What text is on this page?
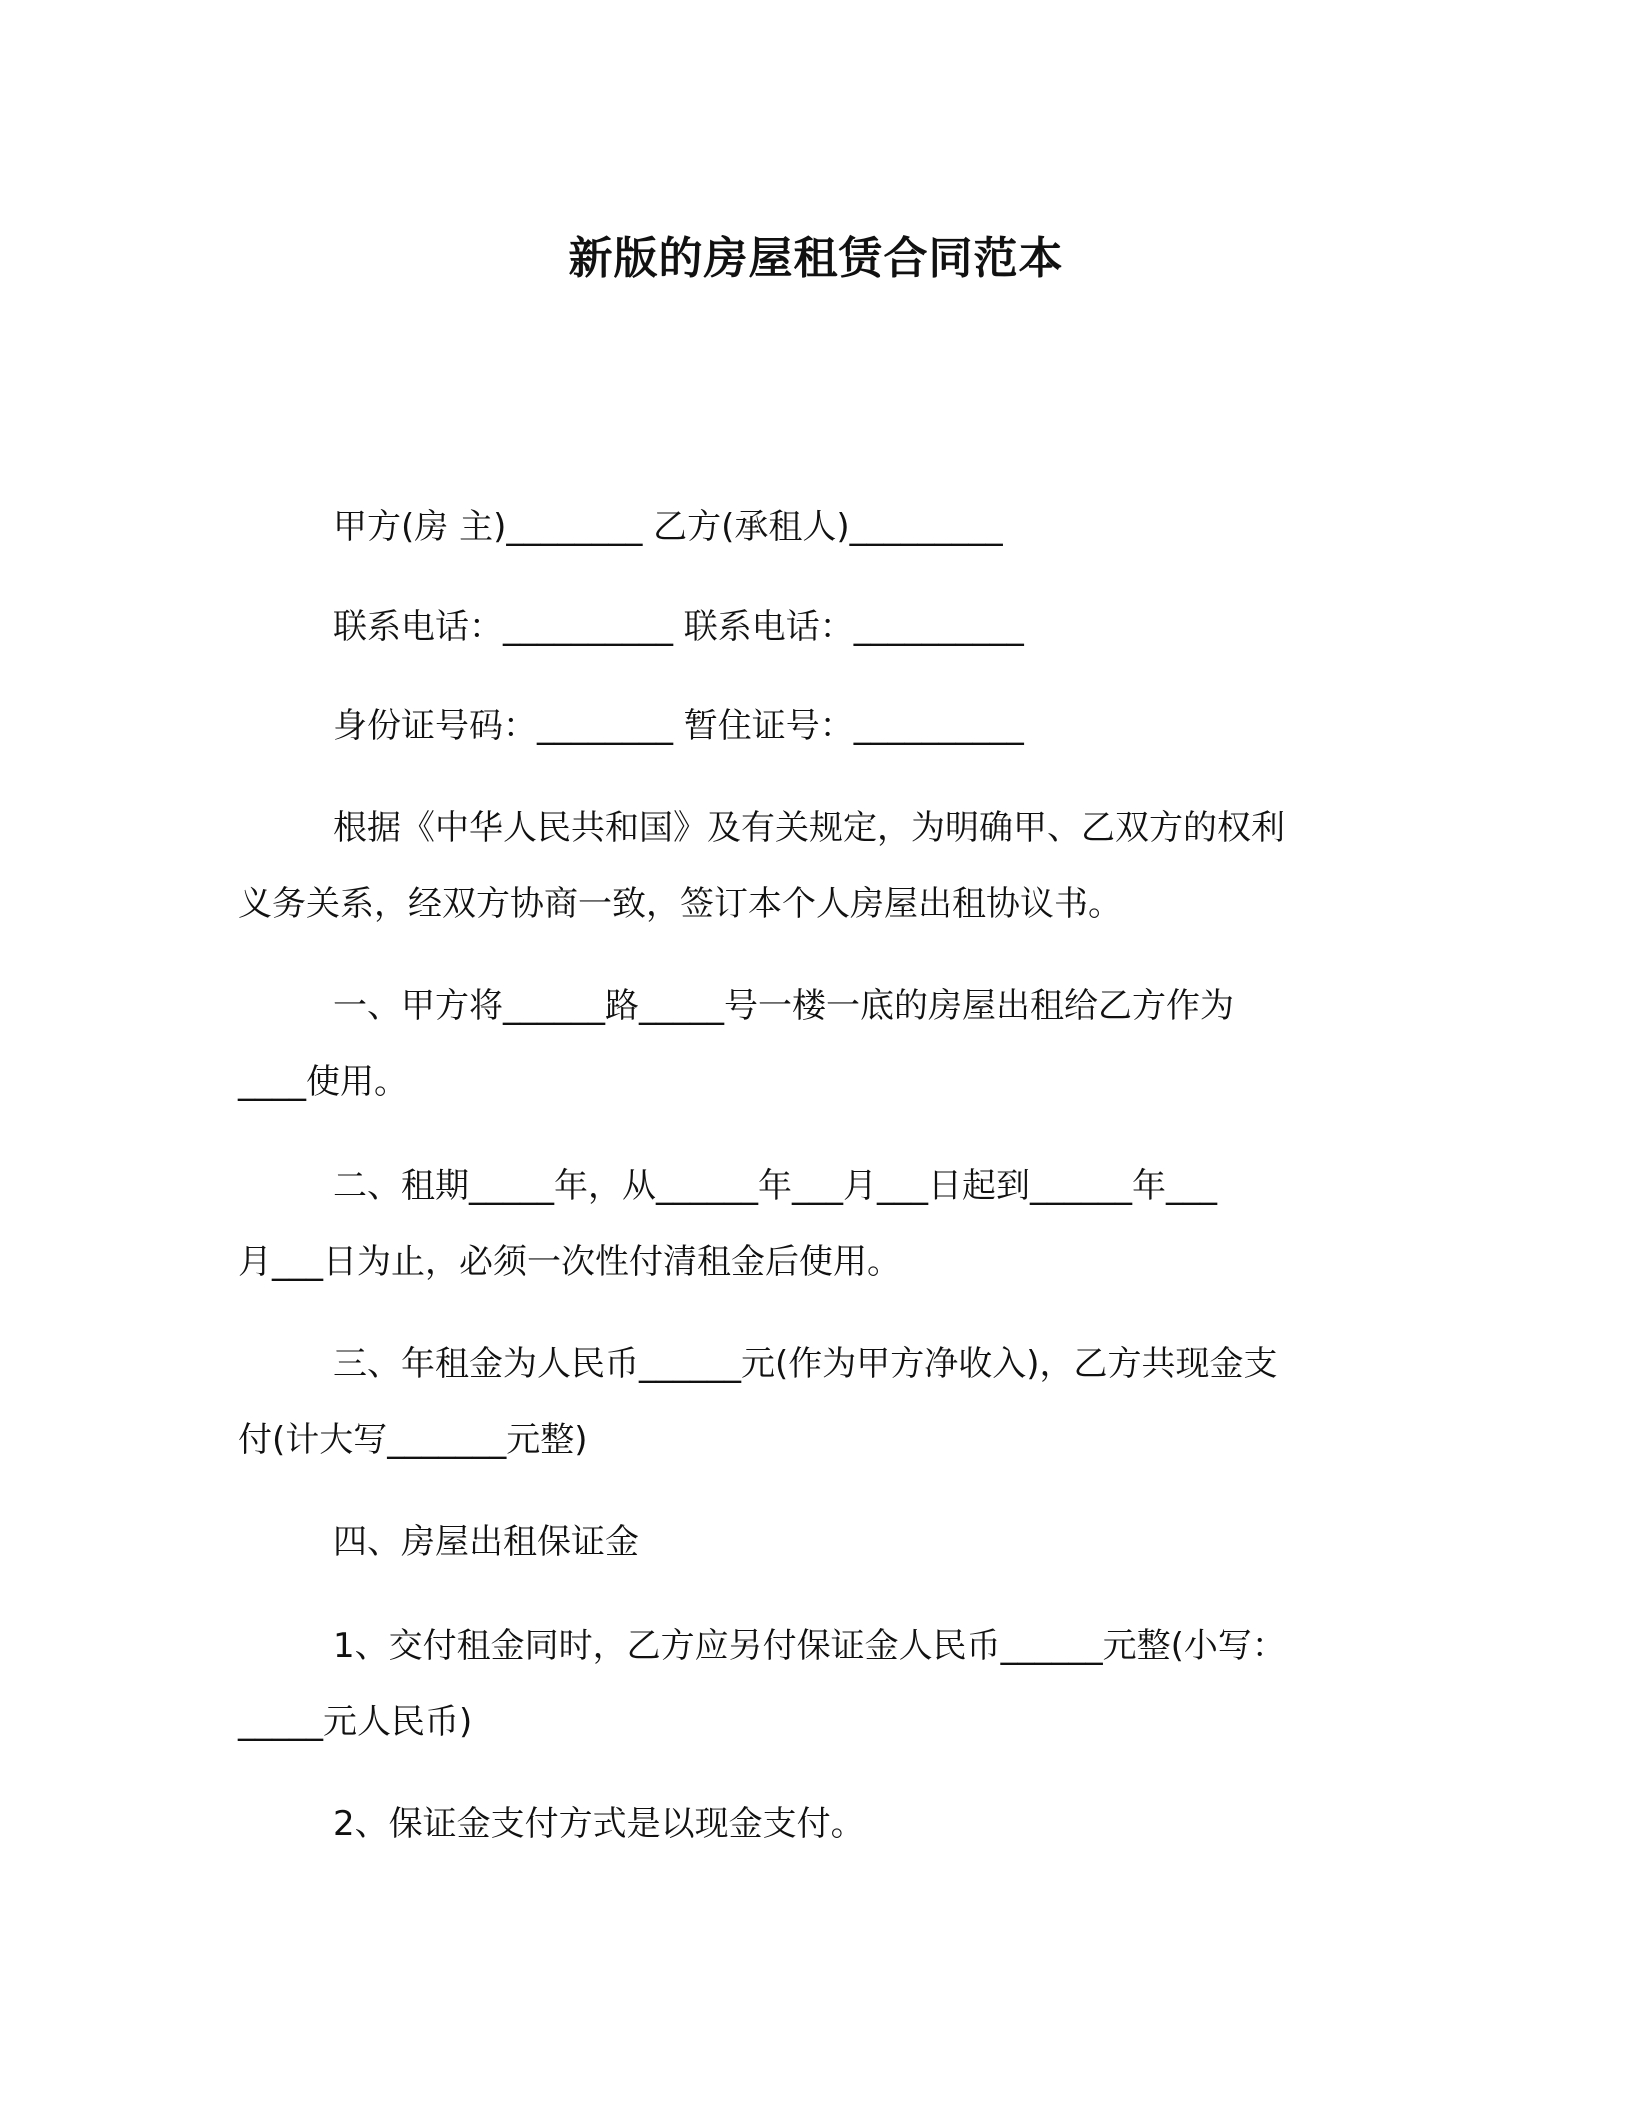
新版的房屋租赁合同范本
甲方(房 主)________ 乙方(承租人)_________
联系电话：__________ 联系电话：__________
身份证号码：________ 暂住证号：__________
根据《中华人民共和国》及有关规定，为明确甲、乙双方的权利
义务关系，经双方协商一致，签订本个人房屋出租协议书。
一、甲方将______路_____号一楼一底的房屋出租给乙方作为
____使用。
二、租期_____年，从______年___月___日起到______年___
月___日为止，必须一次性付清租金后使用。
三、年租金为人民币______元(作为甲方净收入)，乙方共现金支
付(计大写_______元整)
四、房屋出租保证金
1、交付租金同时，乙方应另付保证金人民币______元整(小写：
_____元人民币)
2、保证金支付方式是以现金支付。
